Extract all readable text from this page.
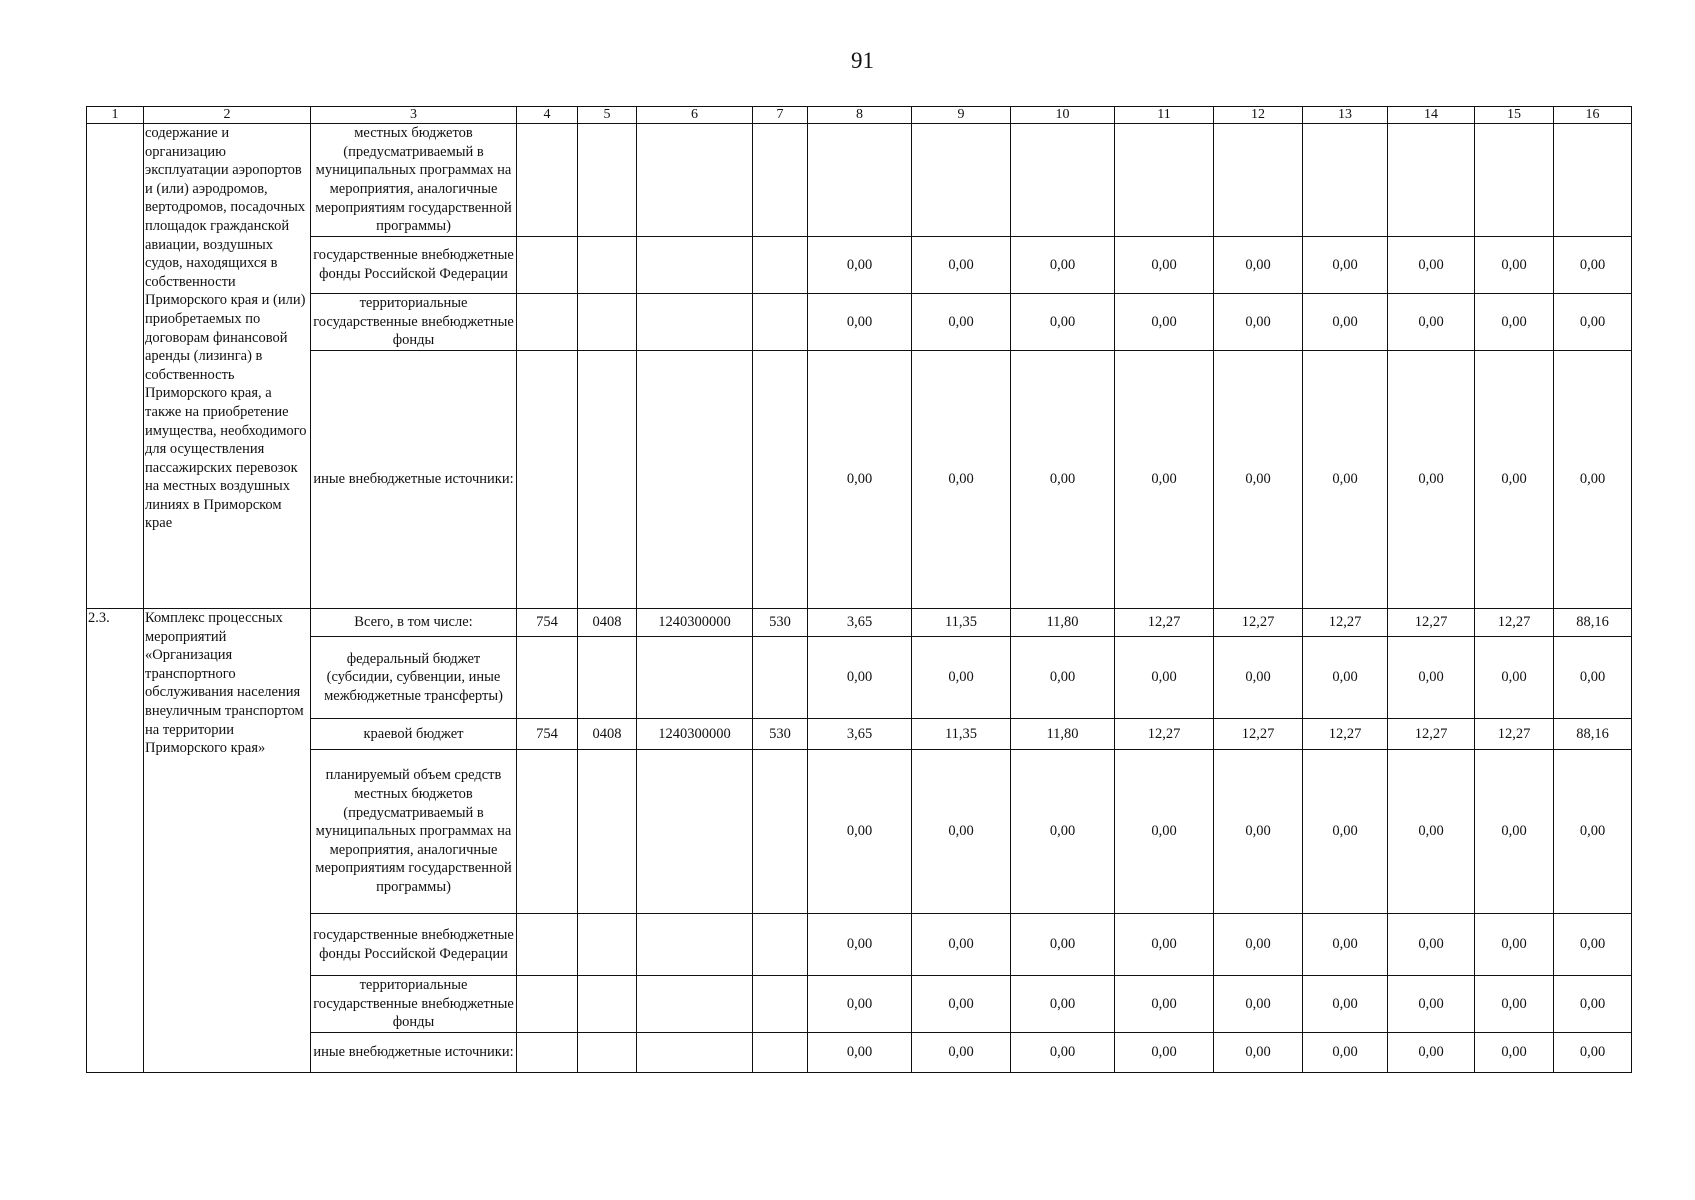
91
1	2	3	4	5	6	7	8	9	10	11	12	13	14	15	16
	содержание и организацию эксплуатации аэропортов и (или) аэродромов, вертодромов, посадочных площадок гражданской авиации, воздушных судов, находящихся в собственности Приморского края и (или) приобретаемых по договорам финансовой аренды (лизинга) в собственность Приморского края, а также на приобретение имущества, необходимого для осуществления пассажирских перевозок на местных воздушных линиях в Приморском крае	местных бюджетов (предусматриваемый в муниципальных программах на мероприятия, аналогичные мероприятиям государственной программы)													
		государственные внебюджетные фонды Российской Федерации					0,00	0,00	0,00	0,00	0,00	0,00	0,00	0,00	0,00
		территориальные государственные внебюджетные фонды					0,00	0,00	0,00	0,00	0,00	0,00	0,00	0,00	0,00
		иные внебюджетные источники:					0,00	0,00	0,00	0,00	0,00	0,00	0,00	0,00	0,00
2.3.	Комплекс процессных мероприятий «Организация транспортного обслуживания населения внеуличным транспортом на территории Приморского края»	Всего, в том числе:	754	0408	1240300000	530	3,65	11,35	11,80	12,27	12,27	12,27	12,27	12,27	88,16
		федеральный бюджет (субсидии, субвенции, иные межбюджетные трансферты)					0,00	0,00	0,00	0,00	0,00	0,00	0,00	0,00	0,00
		краевой бюджет	754	0408	1240300000	530	3,65	11,35	11,80	12,27	12,27	12,27	12,27	12,27	88,16
		планируемый объем средств местных бюджетов (предусматриваемый в муниципальных программах на мероприятия, аналогичные мероприятиям государственной программы)					0,00	0,00	0,00	0,00	0,00	0,00	0,00	0,00	0,00
		государственные внебюджетные фонды Российской Федерации					0,00	0,00	0,00	0,00	0,00	0,00	0,00	0,00	0,00
		территориальные государственные внебюджетные фонды					0,00	0,00	0,00	0,00	0,00	0,00	0,00	0,00	0,00
		иные внебюджетные источники:					0,00	0,00	0,00	0,00	0,00	0,00	0,00	0,00	0,00
